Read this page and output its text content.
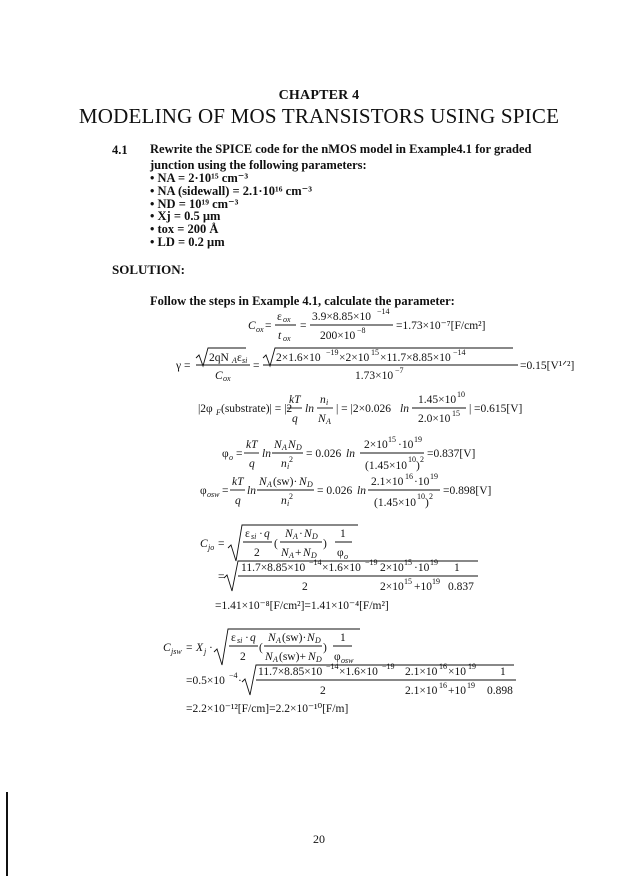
CHAPTER 4
MODELING OF MOS TRANSISTORS USING SPICE
4.1 Rewrite the SPICE code for the nMOS model in Example4.1 for graded junction using the following parameters:
• NA = 2·10¹⁵ cm⁻³
• NA (sidewall) = 2.1·10¹⁶ cm⁻³
• ND = 10¹⁹ cm⁻³
• Xj = 0.5 µm
• tox = 200 Å
• LD = 0.2 µm
SOLUTION:
Follow the steps in Example 4.1, calculate the parameter:
C ox =
ε ox
t ox
=
3.9×8.85×10 −14
200×10 −8	=1.73×10⁻⁷[F/cm²]
γ =
2qN A ε si
C ox
=
2×1.6×10 −19 ×2×10 15 ×11.7×8.85×10 −14
1.73×10 −7	=0.15[V¹ᐟ²]
|2φ F (substrate)| = |2
kT
q
ln
n i
N A
| = |2×0.026 ln
1.45×10 10
2.0×10 15 | =0.615[V]
φ o =
kT
q
ln
N A N D
n i
2 = 0.026 ln
2×10 15 ·10 19
(1.45×10
10
)
2 =0.837[V]
φ osw =
kT
q
ln
N A (sw)· N D
n i
2 = 0.026 ln
2.1×10 16 ·10 19
(1.45×10
10
)
2 =0.898[V]
C jo =
ε si · q
2
(
N A · N D
N A + N D
)
1
φ o
=
11.7×8.85×10 −14 ×1.6×10 −19 2×10 15 ·10 19 1
2	2×10 15 +10 19 0.837
=1.41×10⁻⁸[F/cm²]=1.41×10⁻⁴[F/m²]
C jsw = X j ·
ε si · q
2
(
N A (sw)· N D
N A (sw)+ N D
)
1
φ osw
=0.5×10 −4 ·
11.7×8.85×10 −14 ×1.6×10 −19 2.1×10 16 ×10 19 1
2	2.1×10 16 +10 19 0.898
=2.2×10⁻¹²[F/cm]=2.2×10⁻¹⁰[F/m]
20
